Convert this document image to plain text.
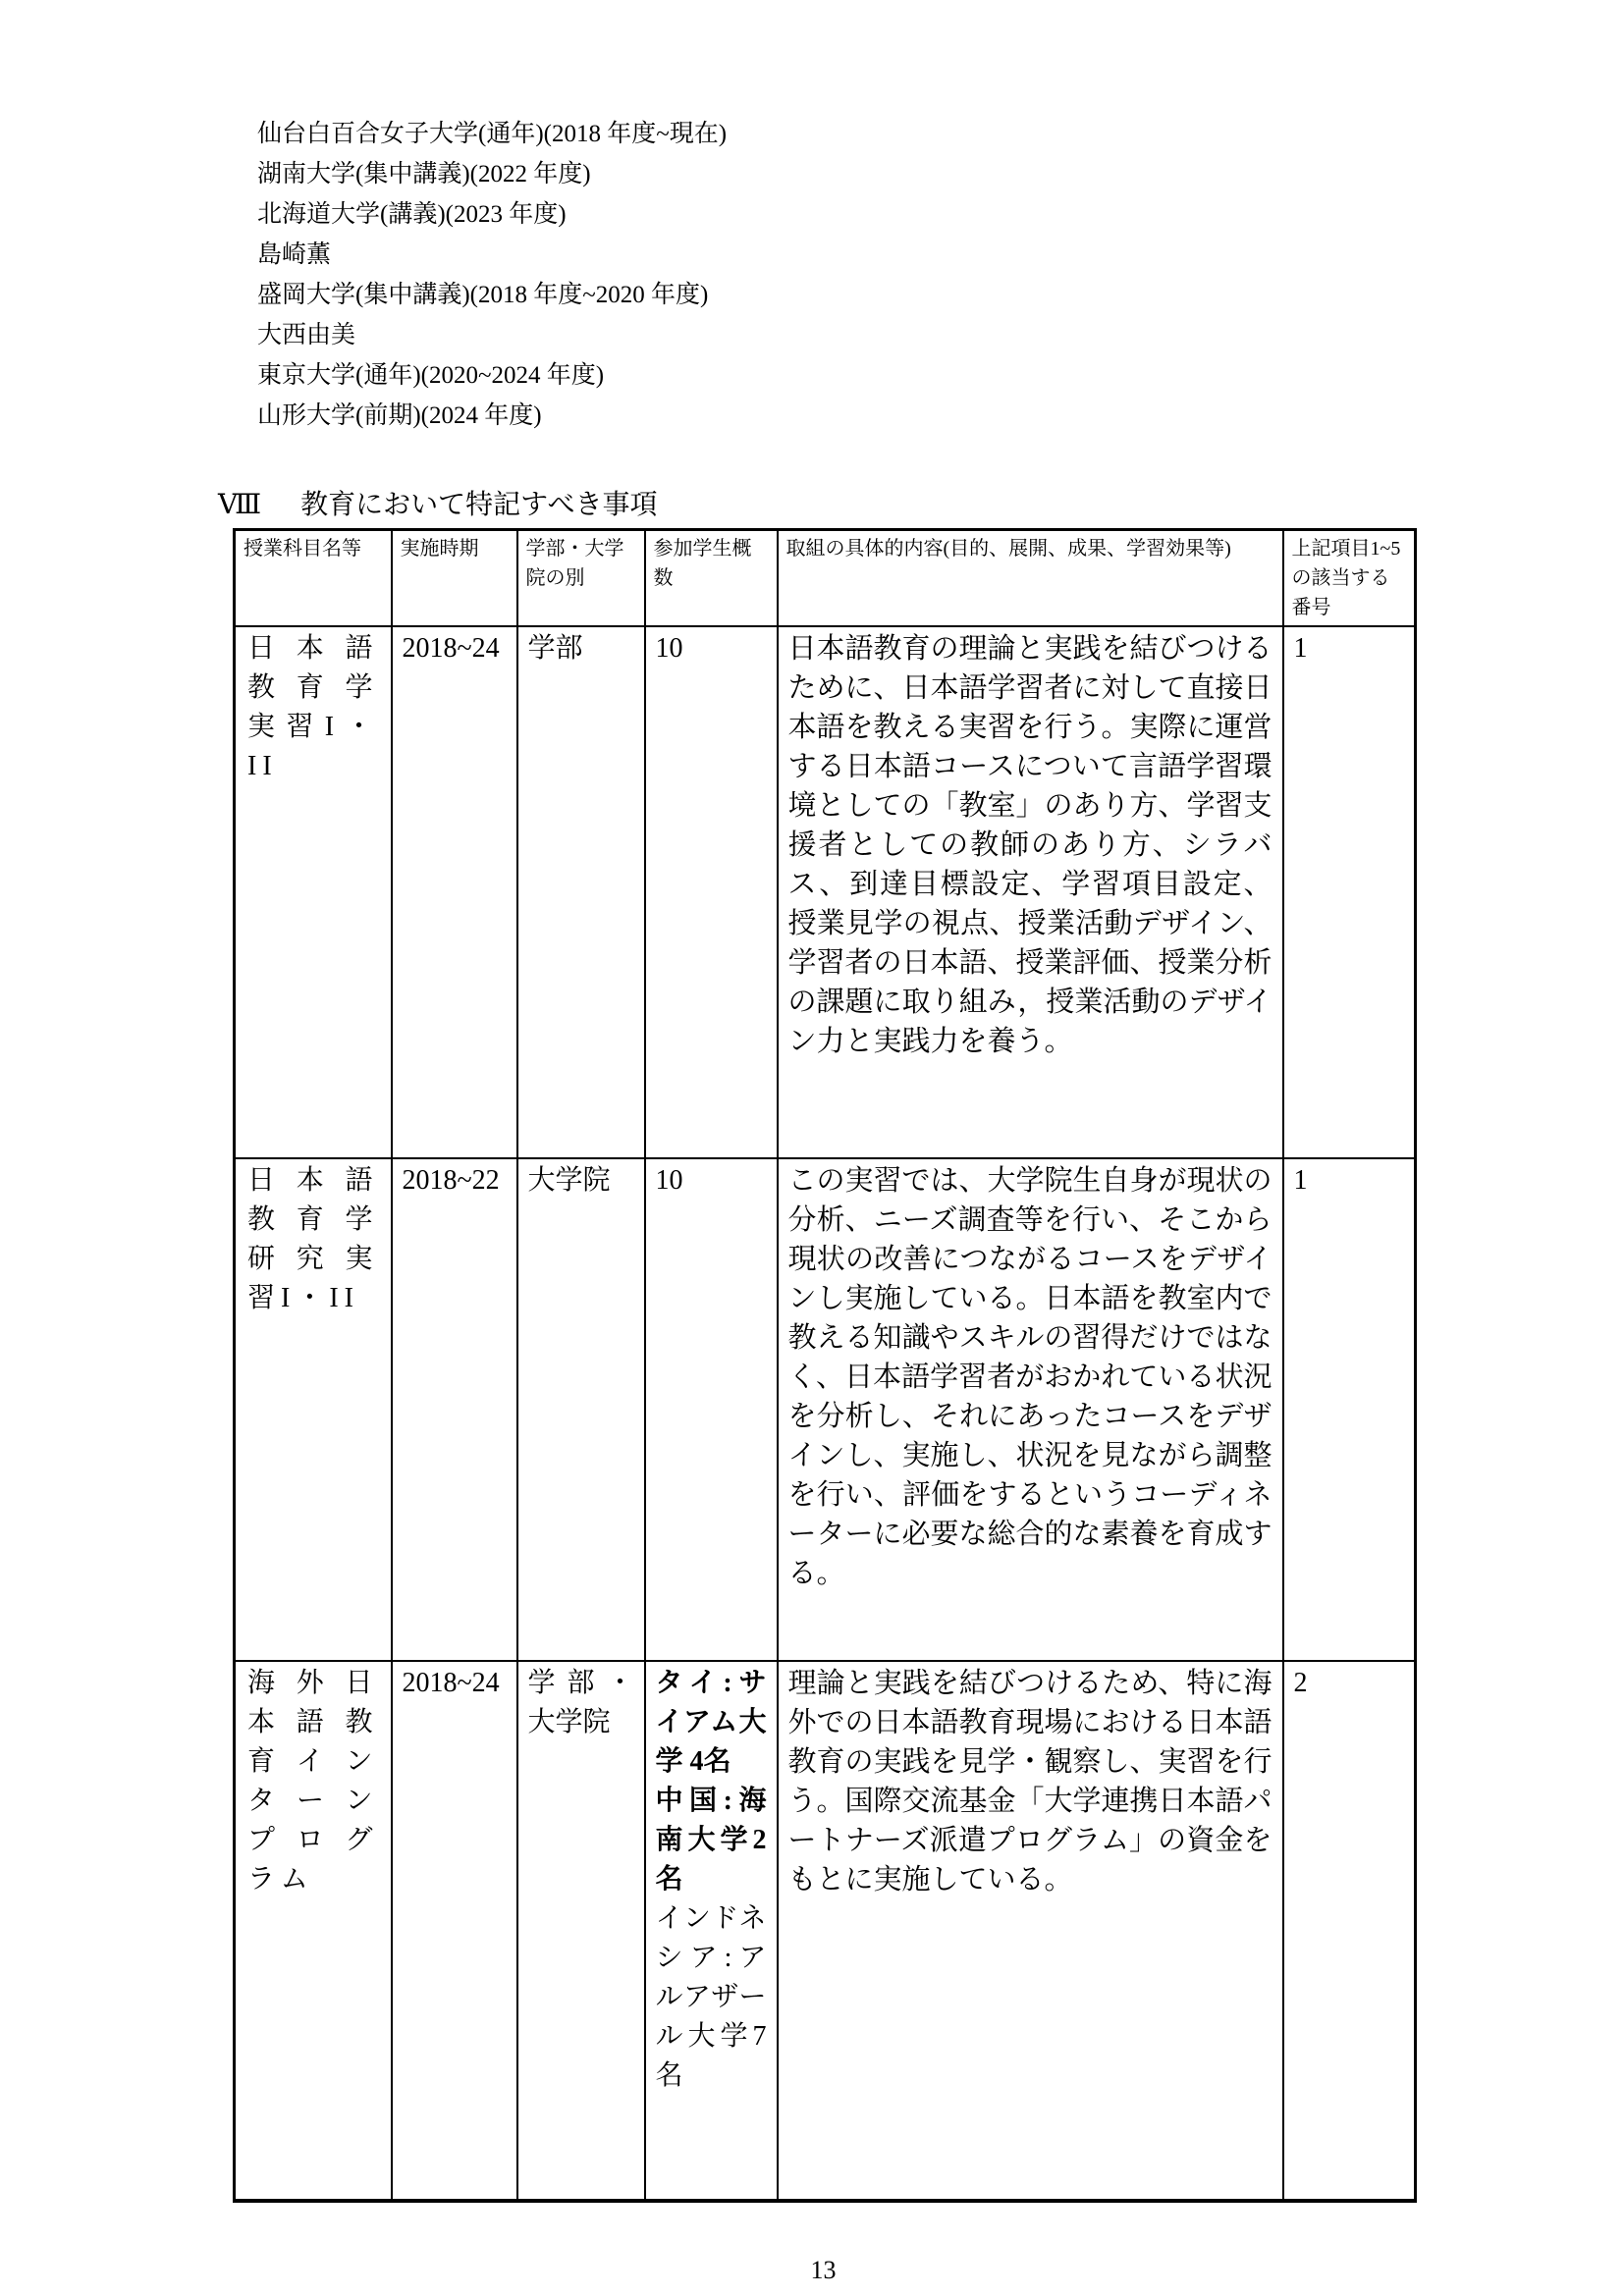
仙台白百合女子大学(通年)(2018 年度~現在)
湖南大学(集中講義)(2022 年度)
北海道大学(講義)(2023 年度)
島崎薫
盛岡大学(集中講義)(2018 年度~2020 年度)
大西由美
東京大学(通年)(2020~2024 年度)
山形大学(前期)(2024 年度)
Ⅷ 教育において特記すべき事項
授業科目名等	実施時期	学部・大学院の別	参加学生概数	取組の具体的内容(目的、展開、成果、学習効果等)	上記項目1~5の該当する番号
日本語教育学実習I・II	2018~24	学部	10	日本語教育の理論と実践を結びつけるために、日本語学習者に対して直接日本語を教える実習を行う。実際に運営する日本語コースについて言語学習環境としての「教室」のあり方、学習支援者としての教師のあり方、シラバス、到達目標設定、学習項目設定、授業見学の視点、授業活動デザイン、学習者の日本語、授業評価、授業分析の課題に取り組み，授業活動のデザイン力と実践力を養う。	1
日本語教育学研究実習I・II	2018~22	大学院	10	この実習では、大学院生自身が現状の分析、ニーズ調査等を行い、そこから現状の改善につながるコースをデザインし実施している。日本語を教室内で教える知識やスキルの習得だけではなく、日本語学習者がおかれている状況を分析し、それにあったコースをデザインし、実施し、状況を見ながら調整を行い、評価をするというコーディネーターに必要な総合的な素養を育成する。	1
海外日本語教育インターンプログラム	2018~24	学部・大学院	タイ:サイアム大学 4名
中国:海南大学2名
インドネシア:アルアザール大学7名	理論と実践を結びつけるため、特に海外での日本語教育現場における日本語教育の実践を見学・観察し、実習を行う。国際交流基金「大学連携日本語パートナーズ派遣プログラム」の資金をもとに実施している。	2
13
